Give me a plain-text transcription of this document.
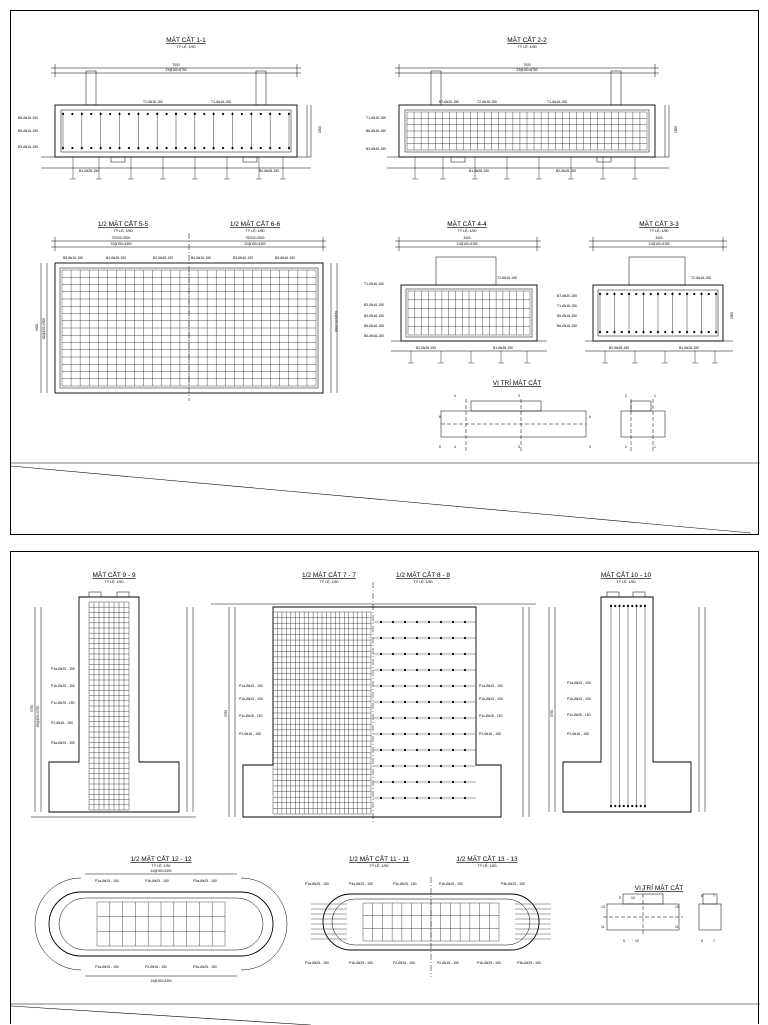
MẶT CẮT 1-1
TỶ LỆ: 1/50
7000
23@160=6750
T2-Øε16-150	T1-Øε16-150
B5-Øε16-150
B6-Øε16-150
B3-Øε16-150
B1-Øε28-150	B2-Øε28-150
1500
MẶT CẮT 2-2
TỶ LỆ: 1/50
7000
23@160=6750
B7-Øε20-150	T2-Øε16-150	T1-Øε16-150
T1-Øε16-150
B6-Øε16-150
B3-Øε16-150
B1-Øε28-150	B2-Øε28-150
1500
1/2 MẶT CẮT 5-5
TỶ LỆ: 1/50
1/2 MẶT CẮT 6-6
TỶ LỆ: 1/50
7000/2=3500
22@150=3300
7000/2=3500
22@150=3300
B5-Øε16-150	B1-Øε28-150	B2-Øε28-150	B4-Øε16-150	B3-Øε16-150	B6-Øε16-150
9400 62@150=9300	62@150=9300
MẶT CẮT 4-4
TỶ LỆ: 1/50
3400
21@150=3150
T1-Øε16-150
T2-Øε16-150
B3-Øε16-150
B4-Øε16-150
B6-Øε16-150
B5-Øε16-150
B2-Øε28-150	B1-Øε28-150
MẶT CẮT 3-3
TỶ LỆ: 1/50
3400
21@150=3150
B7-Øε20-150
T1-Øε16-150
B5-Øε16-150
B6-Øε16-150
T2-Øε16-150
B2-Øε28-150	B1-Øε28-150
1500
VỊ TRÍ MẶT CẮT
4	3
6	6
5	4	3	5
2	1
2	1
MẶT CẮT 9 - 9
TỶ LỆ: 1/50
P1a-Øε25 - 150
P1b-Øε25 - 150
P1c-Øε25 - 150
P2-Øε16 - 150
P3a-Øε25 - 150
9750 65@150=9750
1/2 MẶT CẮT 7 - 7
TỶ LỆ: 1/50
1/2 MẶT CẮT 8 - 8
TỶ LỆ: 1/50
P1a-Øε25 - 150
P1b-Øε25 - 150
P1c-Øε25 - 150
P2-Øε16 - 150
P1a-Øε25 - 150
P1b-Øε25 - 150
P1c-Øε25 - 150
P2-Øε16 - 150
9750
MẶT CẮT 10 - 10
TỶ LỆ: 1/50
P1a-Øε25 - 150
P1b-Øε25 - 150
P1c-Øε25 - 150
P2-Øε16 - 150
9750
1/2 MẶT CẮT 12 - 12
TỶ LỆ: 1/50
24@150=3300
24@150=3300
P1a-Øε25 - 150	P1b-Øε25 - 150	P3a-Øε25 - 150
P1a-Øε25 - 150	P2-Øε16 - 150	P3a-Øε25 - 150
1/2 MẶT CẮT 11 - 11
TỶ LỆ: 1/50
1/2 MẶT CẮT 13 - 13
TỶ LỆ: 1/50
P1a-Øε25 - 150	P3a-Øε25 - 150	P3c-Øε25 - 150	P1b-Øε25 - 150	P3b-Øε25 - 150
P1a-Øε25 - 150	P1b-Øε25 - 150	P2-Øε16 - 150	P2-Øε16 - 150	P1b-Øε25 - 150	P3b-Øε25 - 150
VỊ TRÍ MẶT CẮT
9	10
13
11
13
11
9	10
8	7
8	7
